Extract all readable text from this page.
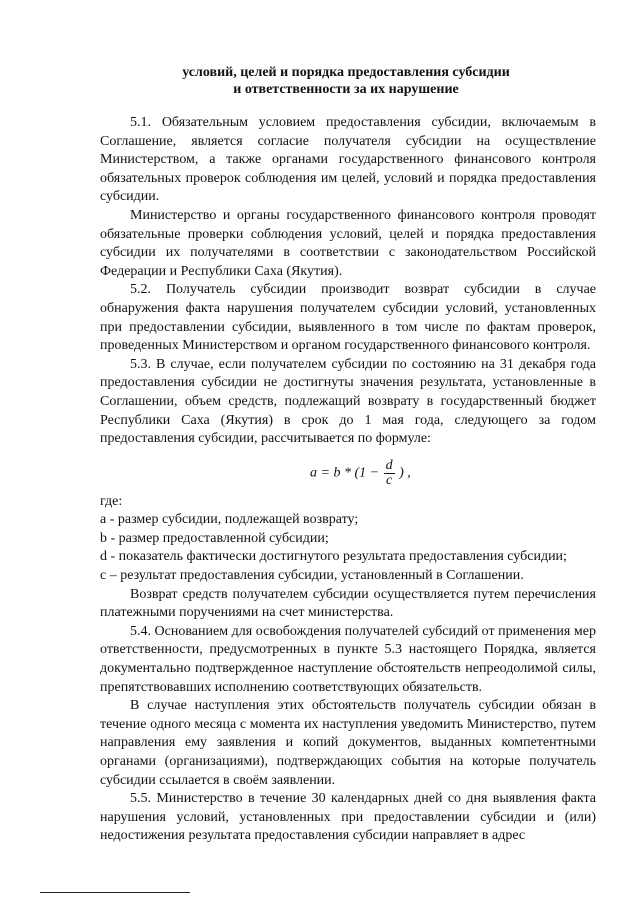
условий, целей и порядка предоставления субсидии
и ответственности за их нарушение

5.1. Обязательным условием предоставления субсидии, включаемым в Соглашение, является согласие получателя субсидии на осуществление Министерством, а также органами государственного финансового контроля обязательных проверок соблюдения им целей, условий и порядка предоставления субсидии.

Министерство и органы государственного финансового контроля проводят обязательные проверки соблюдения условий, целей и порядка предоставления субсидии их получателями в соответствии с законодательством Российской Федерации и Республики Саха (Якутия).

5.2. Получатель субсидии производит возврат субсидии в случае обнаружения факта нарушения получателем субсидии условий, установленных при предоставлении субсидии, выявленного в том числе по фактам проверок, проведенных Министерством и органом государственного финансового контроля.

5.3. В случае, если получателем субсидии по состоянию на 31 декабря года предоставления субсидии не достигнуты значения результата, установленные в Соглашении, объем средств, подлежащий возврату в государственный бюджет Республики Саха (Якутия) в срок до 1 мая года, следующего за годом предоставления субсидии, рассчитывается по формуле:

$a = b * (1 - \frac{d}{c}$ ) ,

где:

a - размер субсидии, подлежащей возврату;

b - размер предоставленной субсидии;

d - показатель фактически достигнутого результата предоставления субсидии;

c – результат предоставления субсидии, установленный в Соглашении.

Возврат средств получателем субсидии осуществляется путем перечисления платежными поручениями на счет министерства.

5.4. Основанием для освобождения получателей субсидий от применения мер ответственности, предусмотренных в пункте 5.3 настоящего Порядка, является документально подтвержденное наступление обстоятельств непреодолимой силы, препятствовавших исполнению соответствующих обязательств.

В случае наступления этих обстоятельств получатель субсидии обязан в течение одного месяца с момента их наступления уведомить Министерство, путем направления ему заявления и копий документов, выданных компетентными органами (организациями), подтверждающих события на которые получатель субсидии ссылается в своём заявлении.

5.5. Министерство в течение 30 календарных дней со дня выявления факта нарушения условий, установленных при предоставлении субсидии и (или) недостижения результата предоставления субсидии направляет в адрес
